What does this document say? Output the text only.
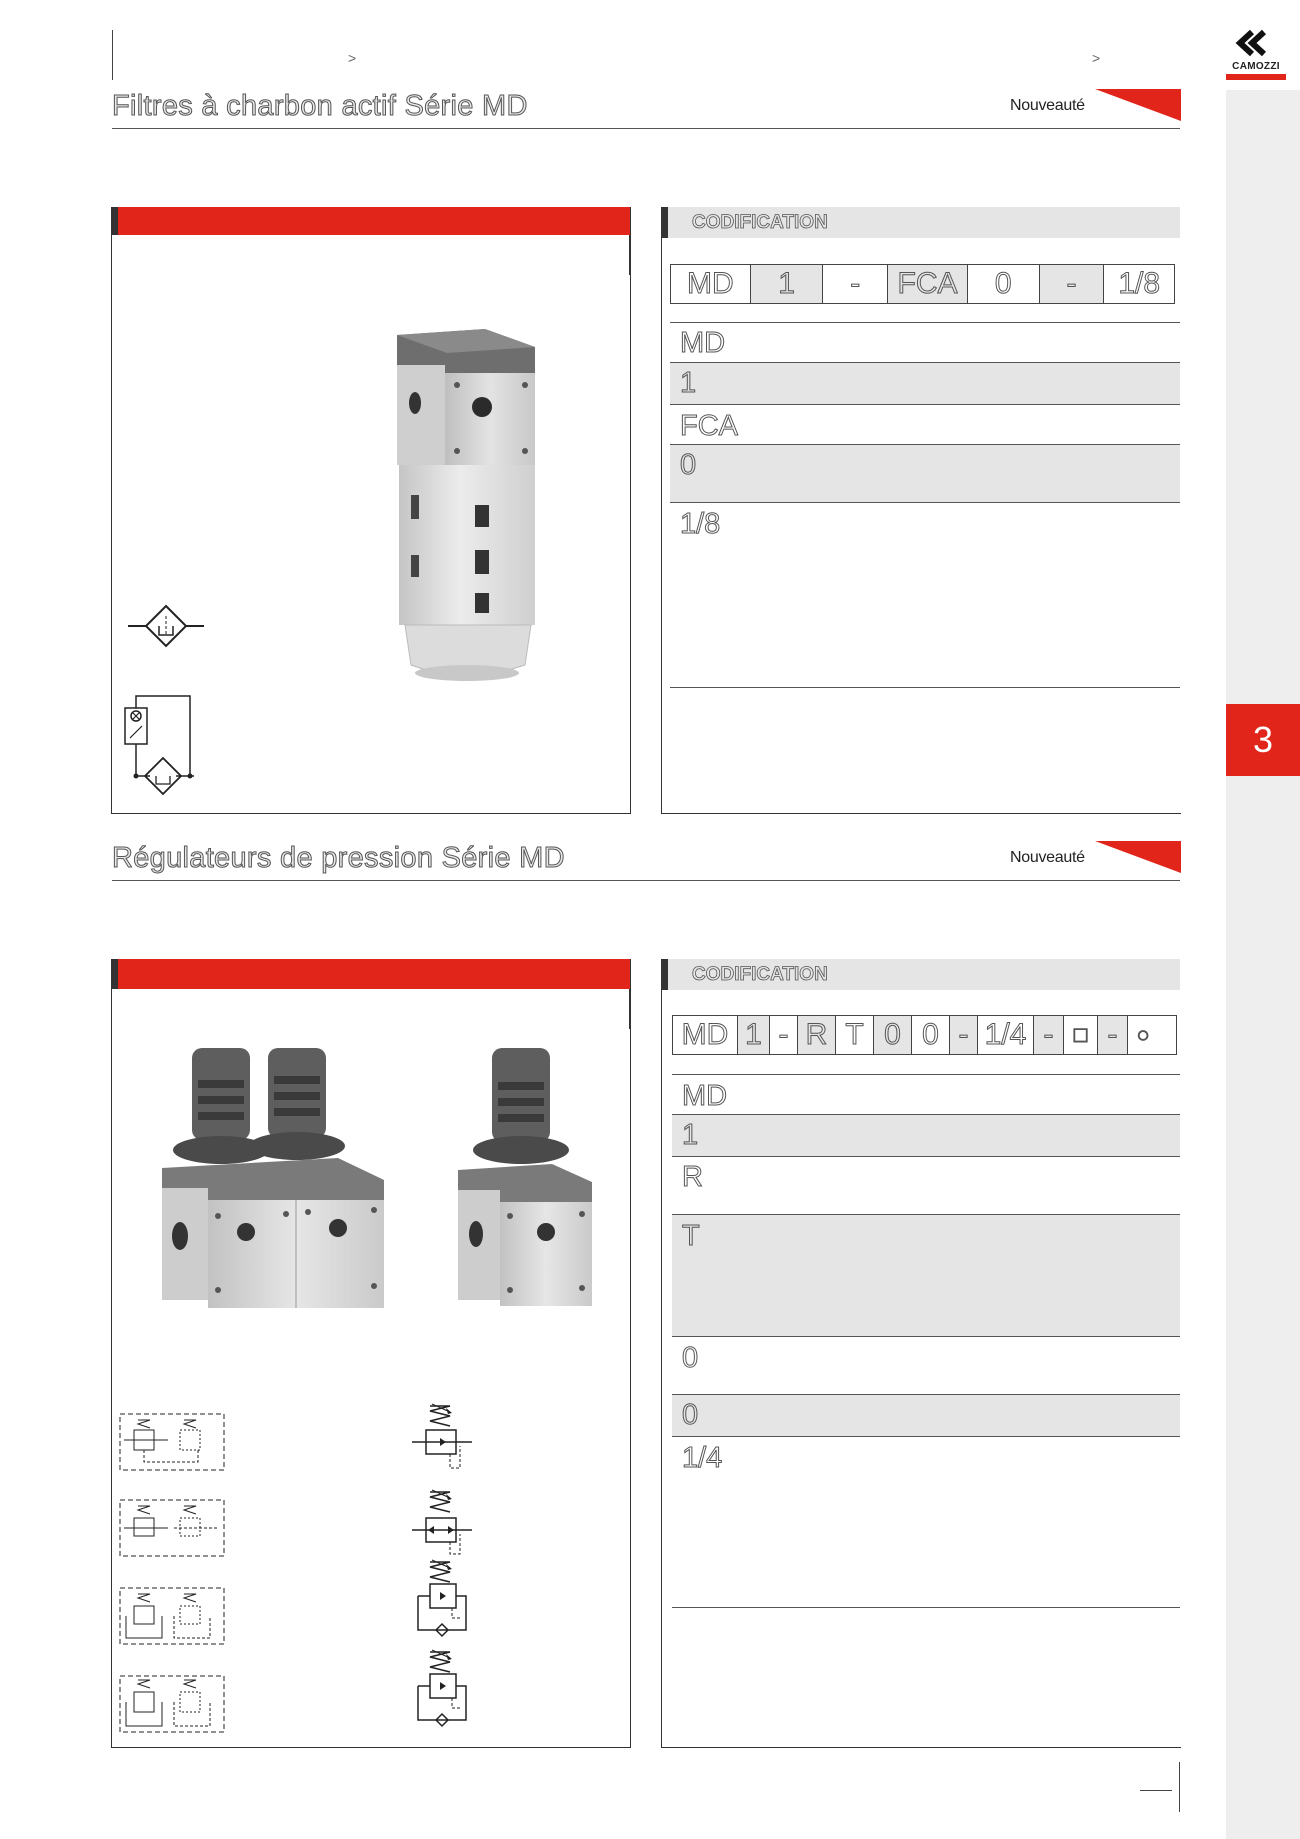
>	>
CAMOZZI
3
Filtres à charbon actif Série MD	Nouveauté
CODIFICATION
MD	1	-	FCA	0	-	1/8
MD
1
FCA
0
1/8
Régulateurs de pression Série MD	Nouveauté
CODIFICATION
MD 1 - R T 0 0 - 1/4 - □ - ○
MD
1
R
T
0
0
1/4
